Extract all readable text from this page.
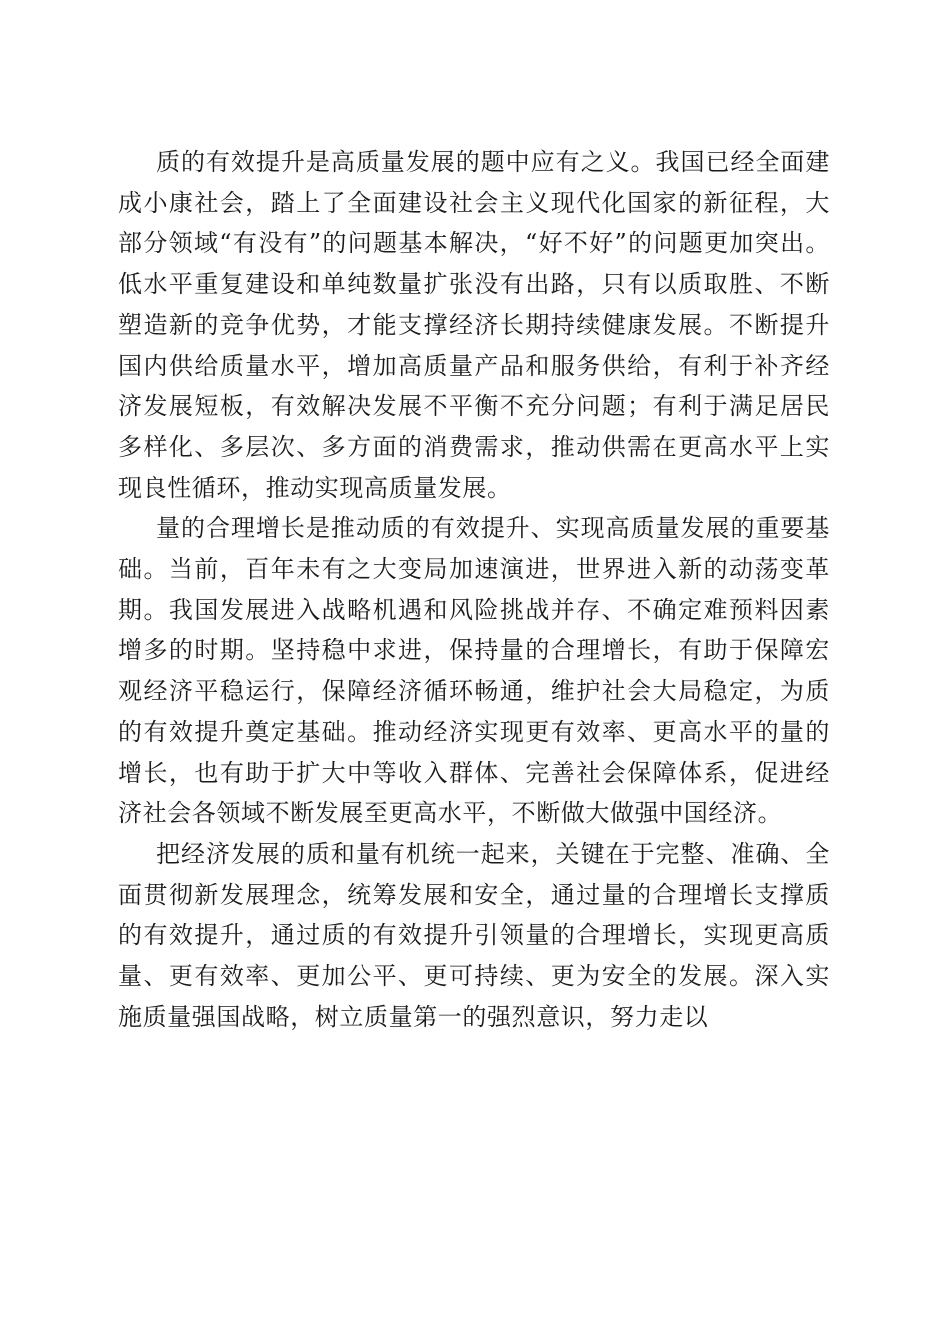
质的有效提升是高质量发展的题中应有之义。我国已经全面建成小康社会，踏上了全面建设社会主义现代化国家的新征程，大部分领域“有没有”的问题基本解决，“好不好”的问题更加突出。低水平重复建设和单纯数量扩张没有出路，只有以质取胜、不断塑造新的竞争优势，才能支撑经济长期持续健康发展。不断提升国内供给质量水平，增加高质量产品和服务供给，有利于补齐经济发展短板，有效解决发展不平衡不充分问题；有利于满足居民多样化、多层次、多方面的消费需求，推动供需在更高水平上实现良性循环，推动实现高质量发展。

量的合理增长是推动质的有效提升、实现高质量发展的重要基础。当前，百年未有之大变局加速演进，世界进入新的动荡变革期。我国发展进入战略机遇和风险挑战并存、不确定难预料因素增多的时期。坚持稳中求进，保持量的合理增长，有助于保障宏观经济平稳运行，保障经济循环畅通，维护社会大局稳定，为质的有效提升奠定基础。推动经济实现更有效率、更高水平的量的增长，也有助于扩大中等收入群体、完善社会保障体系，促进经济社会各领域不断发展至更高水平，不断做大做强中国经济。

把经济发展的质和量有机统一起来，关键在于完整、准确、全面贯彻新发展理念，统筹发展和安全，通过量的合理增长支撑质的有效提升，通过质的有效提升引领量的合理增长，实现更高质量、更有效率、更加公平、更可持续、更为安全的发展。深入实施质量强国战略，树立质量第一的强烈意识，努力走以
